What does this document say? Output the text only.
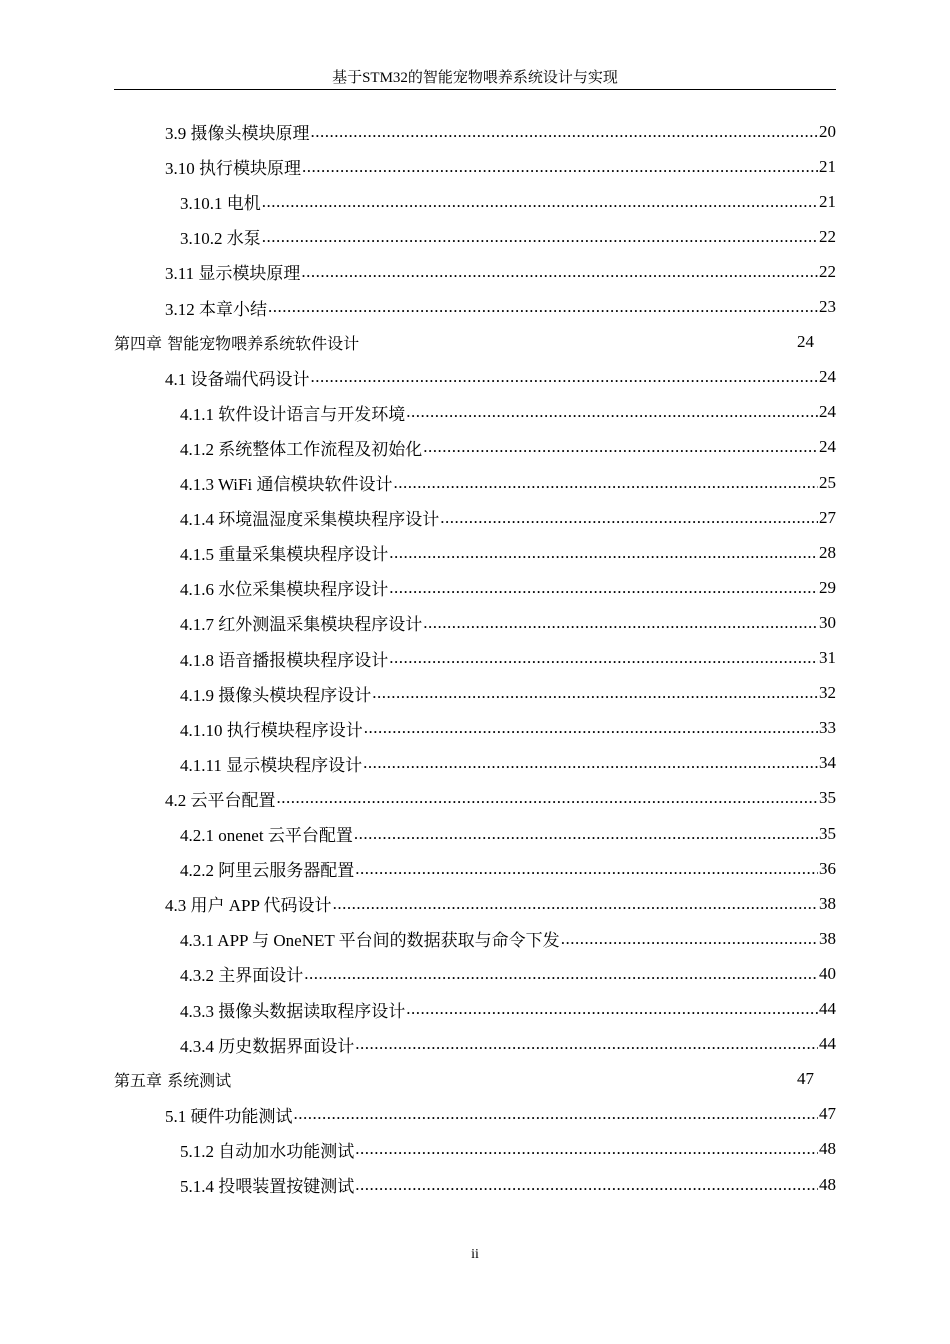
基于STM32的智能宠物喂养系统设计与实现
3.9 摄像头模块原理 .....	20
3.10 执行模块原理 .....	21
3.10.1 电机 .....	21
3.10.2 水泵 .....	22
3.11 显示模块原理 .....	22
3.12 本章小结 .....	23
第四章 智能宠物喂养系统软件设计	24
4.1 设备端代码设计 .....	24
4.1.1 软件设计语言与开发环境 .....	24
4.1.2 系统整体工作流程及初始化 .....	24
4.1.3 WiFi 通信模块软件设计 .....	25
4.1.4 环境温湿度采集模块程序设计 .....	27
4.1.5 重量采集模块程序设计 .....	28
4.1.6 水位采集模块程序设计 .....	29
4.1.7 红外测温采集模块程序设计 .....	30
4.1.8 语音播报模块程序设计 .....	31
4.1.9 摄像头模块程序设计 .....	32
4.1.10 执行模块程序设计 .....	33
4.1.11 显示模块程序设计 .....	34
4.2 云平台配置 .....	35
4.2.1 onenet 云平台配置 .....	35
4.2.2 阿里云服务器配置 .....	36
4.3 用户 APP 代码设计 .....	38
4.3.1 APP 与 OneNET 平台间的数据获取与命令下发 .....	38
4.3.2 主界面设计 .....	40
4.3.3 摄像头数据读取程序设计 .....	44
4.3.4 历史数据界面设计 .....	44
第五章 系统测试	47
5.1 硬件功能测试 .....	47
5.1.2 自动加水功能测试 .....	48
5.1.4 投喂装置按键测试 .....	48
ii
